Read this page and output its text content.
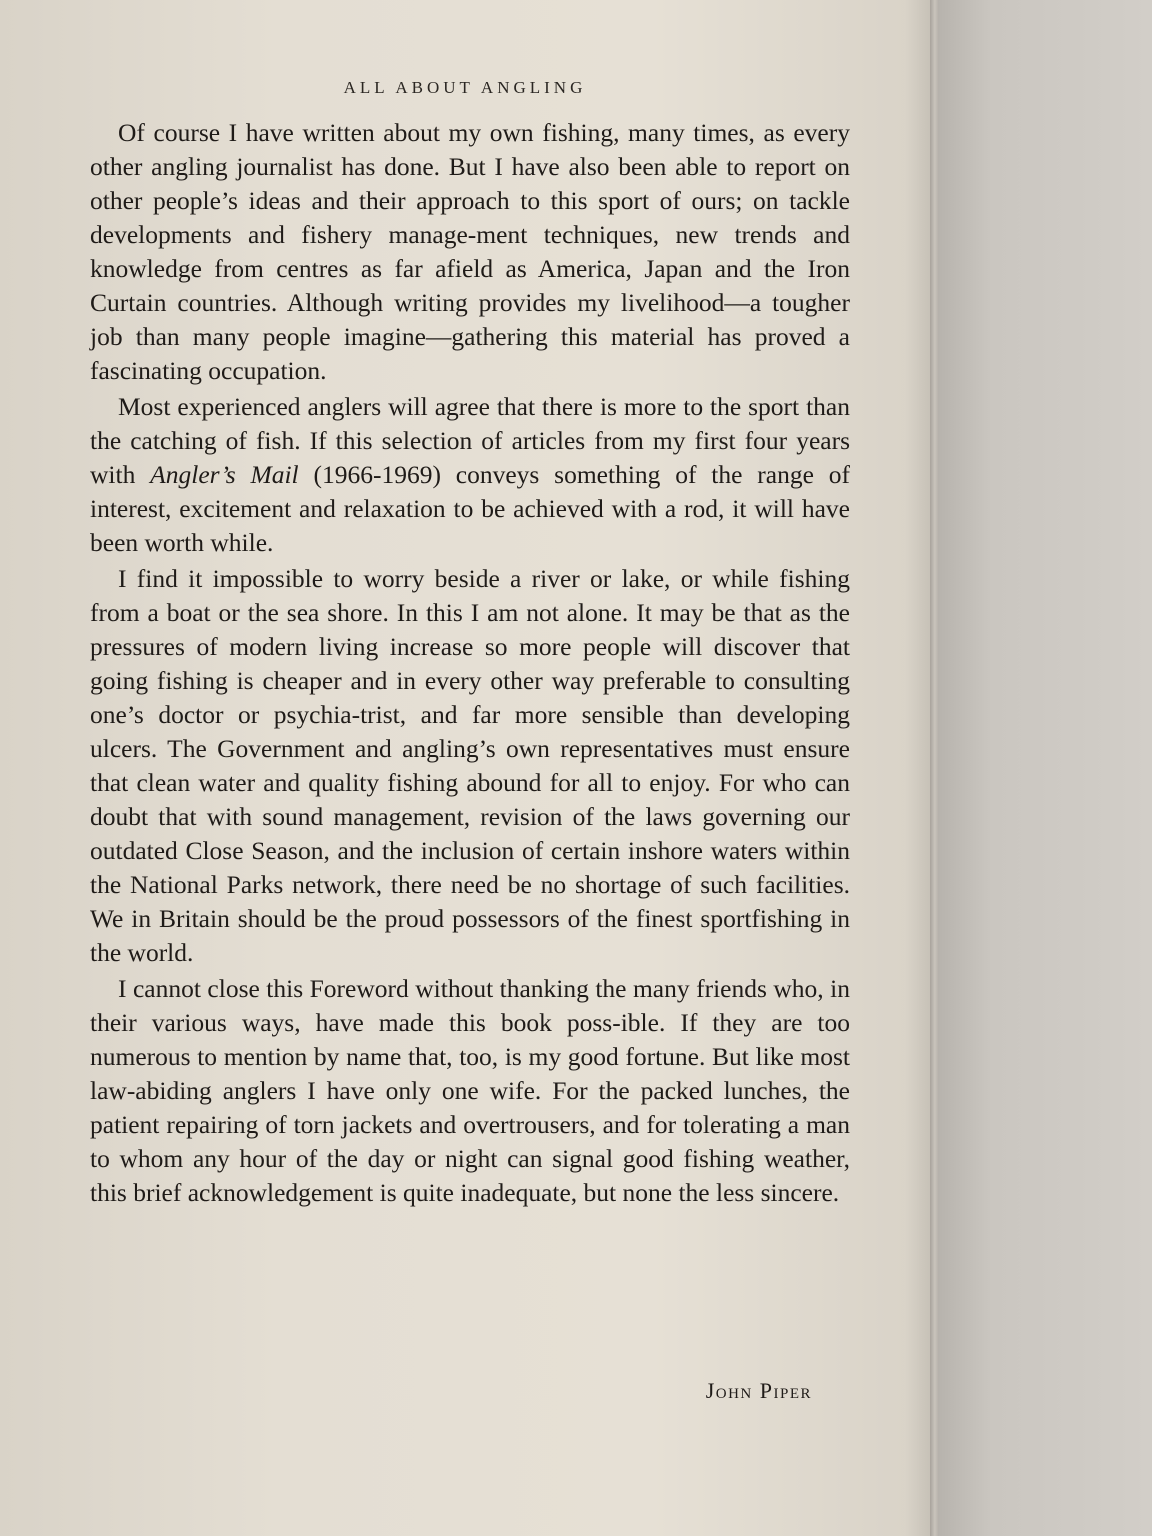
ALL ABOUT ANGLING

Of course I have written about my own fishing, many times, as every other angling journalist has done. But I have also been able to report on other people’s ideas and their approach to this sport of ours; on tackle developments and fishery manage-ment techniques, new trends and knowledge from centres as far afield as America, Japan and the Iron Curtain countries. Although writing provides my livelihood—a tougher job than many people imagine—gathering this material has proved a fascinating occupation.

Most experienced anglers will agree that there is more to the sport than the catching of fish. If this selection of articles from my first four years with Angler’s Mail (1966-1969) conveys something of the range of interest, excitement and relaxation to be achieved with a rod, it will have been worth while.

I find it impossible to worry beside a river or lake, or while fishing from a boat or the sea shore. In this I am not alone. It may be that as the pressures of modern living increase so more people will discover that going fishing is cheaper and in every other way preferable to consulting one’s doctor or psychia-trist, and far more sensible than developing ulcers. The Government and angling’s own representatives must ensure that clean water and quality fishing abound for all to enjoy. For who can doubt that with sound management, revision of the laws governing our outdated Close Season, and the inclusion of certain inshore waters within the National Parks network, there need be no shortage of such facilities. We in Britain should be the proud possessors of the finest sportfishing in the world.

I cannot close this Foreword without thanking the many friends who, in their various ways, have made this book poss-ible. If they are too numerous to mention by name that, too, is my good fortune. But like most law-abiding anglers I have only one wife. For the packed lunches, the patient repairing of torn jackets and overtrousers, and for tolerating a man to whom any hour of the day or night can signal good fishing weather, this brief acknowledgement is quite inadequate, but none the less sincere.

John Piper
